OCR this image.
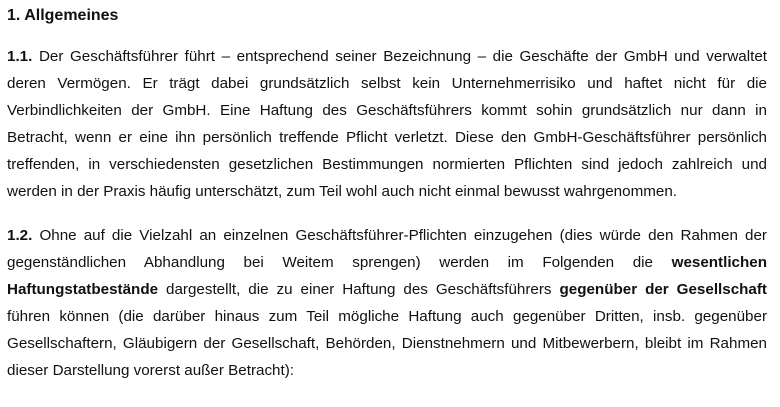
1. Allgemeines

1.1. Der Geschäftsführer führt – entsprechend seiner Bezeichnung – die Geschäfte der GmbH und verwaltet deren Vermögen. Er trägt dabei grundsätzlich selbst kein Unternehmerrisiko und haftet nicht für die Verbindlichkeiten der GmbH. Eine Haftung des Geschäftsführers kommt sohin grundsätzlich nur dann in Betracht, wenn er eine ihn persönlich treffende Pflicht verletzt. Diese den GmbH-Geschäftsführer persönlich treffenden, in verschiedensten gesetzlichen Bestimmungen normierten Pflichten sind jedoch zahlreich und werden in der Praxis häufig unterschätzt, zum Teil wohl auch nicht einmal bewusst wahrgenommen.

1.2. Ohne auf die Vielzahl an einzelnen Geschäftsführer-Pflichten einzugehen (dies würde den Rahmen der gegenständlichen Abhandlung bei Weitem sprengen) werden im Folgenden die wesentlichen Haftungstatbestände dargestellt, die zu einer Haftung des Geschäftsführers gegenüber der Gesellschaft führen können (die darüber hinaus zum Teil mögliche Haftung auch gegenüber Dritten, insb. gegenüber Gesellschaftern, Gläubigern der Gesellschaft, Behörden, Dienstnehmern und Mitbewerbern, bleibt im Rahmen dieser Darstellung vorerst außer Betracht):
